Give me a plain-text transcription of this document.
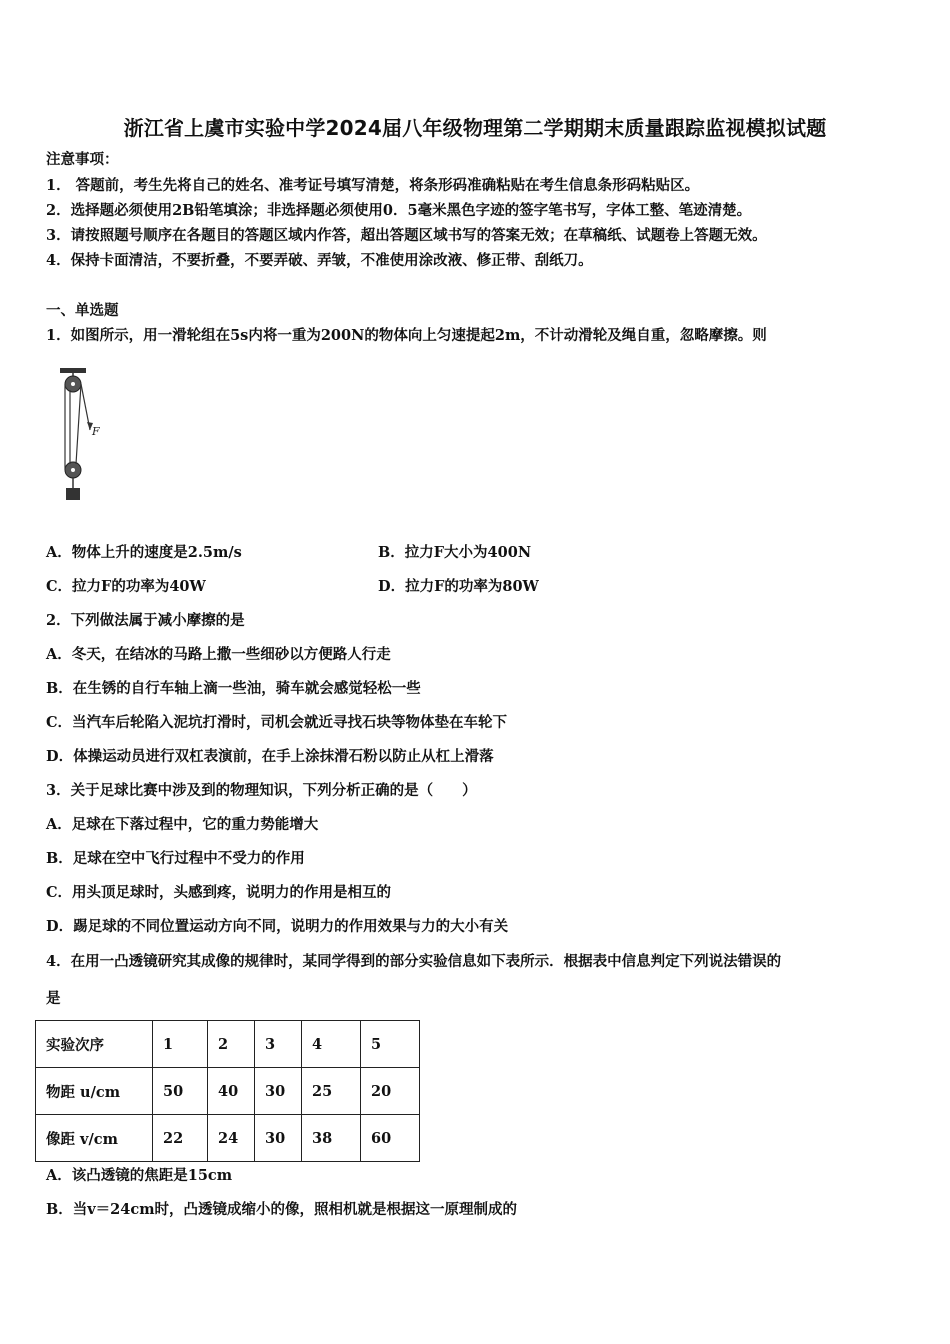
浙江省上虞市实验中学2024届八年级物理第二学期期末质量跟踪监视模拟试题
注意事项：
1． 答题前，考生先将自己的姓名、准考证号填写清楚，将条形码准确粘贴在考生信息条形码粘贴区。
2．选择题必须使用2B铅笔填涂；非选择题必须使用0．5毫米黑色字迹的签字笔书写，字体工整、笔迹清楚。
3．请按照题号顺序在各题目的答题区域内作答，超出答题区域书写的答案无效；在草稿纸、试题卷上答题无效。
4．保持卡面清洁，不要折叠，不要弄破、弄皱，不准使用涂改液、修正带、刮纸刀。
一、单选题
1．如图所示，用一滑轮组在5s内将一重为200N的物体向上匀速提起2m，不计动滑轮及绳自重，忽略摩擦。则
F
A．物体上升的速度是2.5m/s	B．拉力F大小为400N
C．拉力F的功率为40W	D．拉力F的功率为80W
2．下列做法属于减小摩擦的是
A．冬天，在结冰的马路上撒一些细砂以方便路人行走
B．在生锈的自行车轴上滴一些油，骑车就会感觉轻松一些
C．当汽车后轮陷入泥坑打滑时，司机会就近寻找石块等物体垫在车轮下
D．体操运动员进行双杠表演前，在手上涂抹滑石粉以防止从杠上滑落
3．关于足球比赛中涉及到的物理知识，下列分析正确的是（　　）
A．足球在下落过程中，它的重力势能增大
B．足球在空中飞行过程中不受力的作用
C．用头顶足球时，头感到疼，说明力的作用是相互的
D．踢足球的不同位置运动方向不同，说明力的作用效果与力的大小有关
4．在用一凸透镜研究其成像的规律时，某同学得到的部分实验信息如下表所示．根据表中信息判定下列说法错误的
是
实验次序	1	2	3	4	5
物距 u/cm	50	40	30	25	20
像距 v/cm	22	24	30	38	60
A．该凸透镜的焦距是15cm
B．当v＝24cm时，凸透镜成缩小的像，照相机就是根据这一原理制成的
